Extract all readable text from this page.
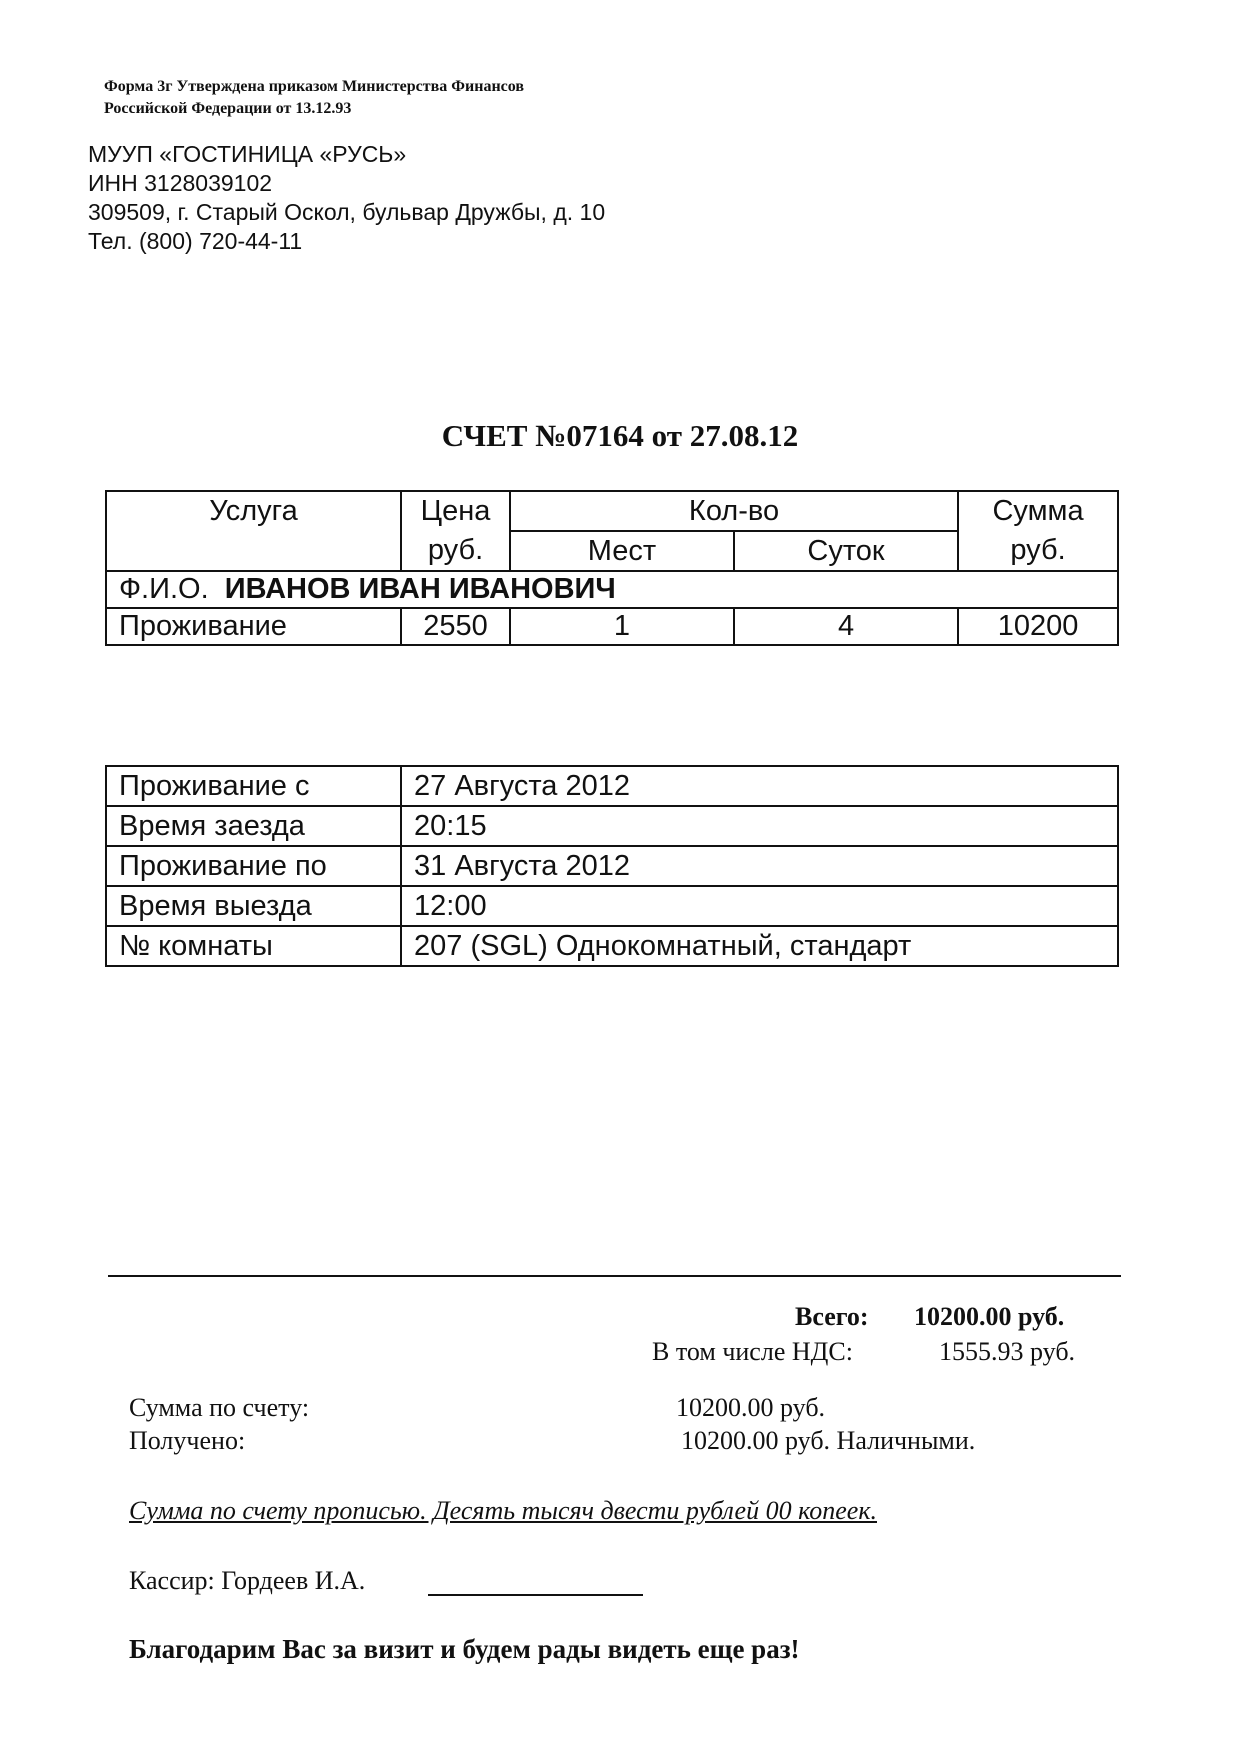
Форма 3г Утверждена приказом Министерства Финансов
Российской Федерации от 13.12.93
МУУП «ГОСТИНИЦА «РУСЬ»
ИНН 3128039102
309509, г. Старый Оскол, бульвар Дружбы, д. 10
Тел. (800) 720-44-11
СЧЕТ №07164 от 27.08.12
Услуга	Цена	Кол-во		Сумма
	руб.	Мест	Суток	руб.
Ф.И.О. ИВАНОВ ИВАН ИВАНОВИЧ				
Проживание	2550	1	4	10200
Проживание с	27 Августа 2012
Время заезда	20:15
Проживание по	31 Августа 2012
Время выезда	12:00
№ комнаты	207 (SGL) Однокомнатный, стандарт
Всего: 10200.00 руб.
В том числе НДС:	1555.93 руб.
Сумма по счету:	10200.00 руб.
Получено:	10200.00 руб. Наличными.
Сумма по счету прописью. Десять тысяч двести рублей 00 копеек.
Кассир: Гордеев И.А.
Благодарим Вас за визит и будем рады видеть еще раз!
